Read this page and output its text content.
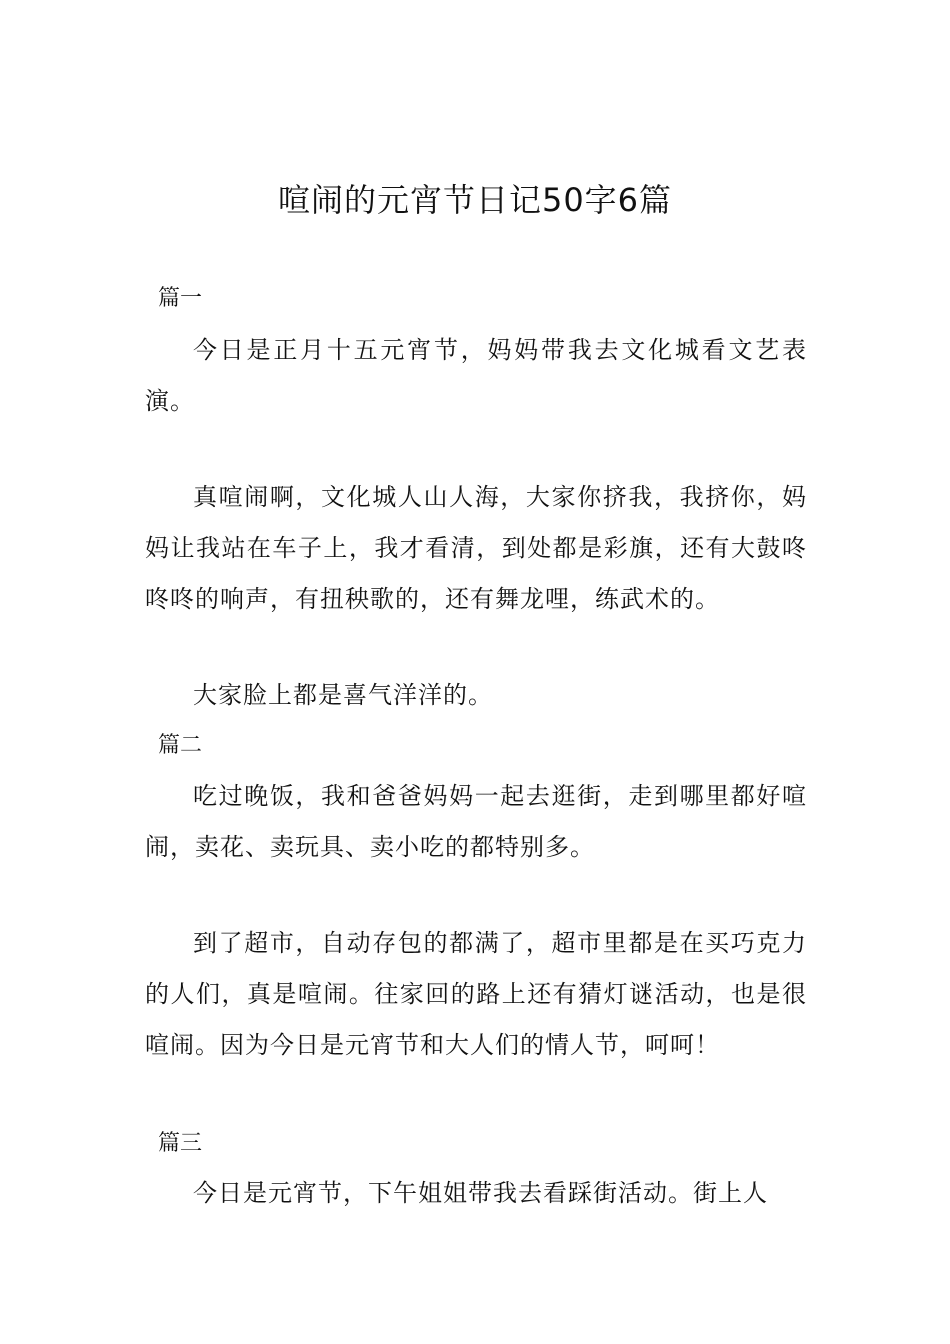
喧闹的元宵节日记50字6篇
篇一

今日是正月十五元宵节，妈妈带我去文化城看文艺表演。

真喧闹啊，文化城人山人海，大家你挤我，我挤你，妈妈让我站在车子上，我才看清，到处都是彩旗，还有大鼓咚咚咚的响声，有扭秧歌的，还有舞龙哩，练武术的。

大家脸上都是喜气洋洋的。

篇二

吃过晚饭，我和爸爸妈妈一起去逛街，走到哪里都好喧闹，卖花、卖玩具、卖小吃的都特别多。

到了超市，自动存包的都满了，超市里都是在买巧克力的人们，真是喧闹。往家回的路上还有猜灯谜活动，也是很喧闹。因为今日是元宵节和大人们的情人节，呵呵！

篇三

今日是元宵节，下午姐姐带我去看踩街活动。街上人
